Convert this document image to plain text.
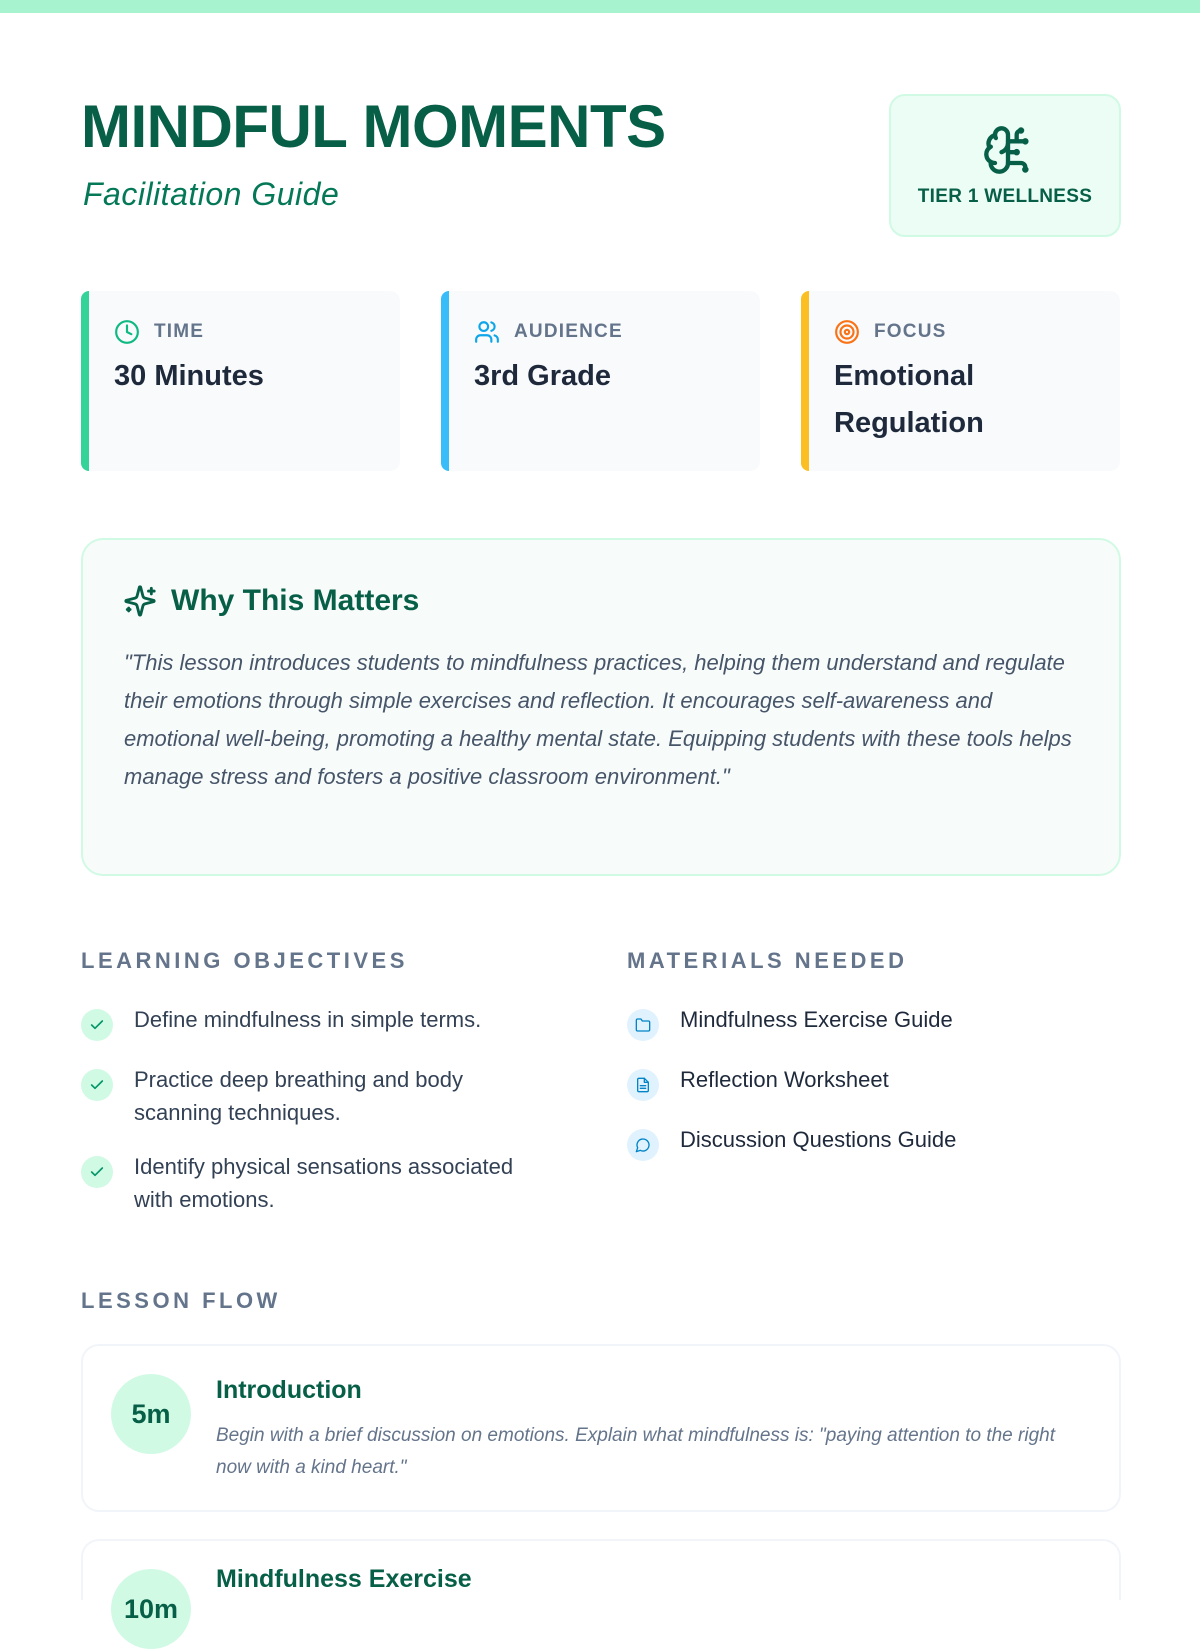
MINDFUL MOMENTS
Facilitation Guide	TIER 1 WELLNESS
TIME
30 Minutes
AUDIENCE
3rd Grade
FOCUS
Emotional Regulation
Why This Matters
"This lesson introduces students to mindfulness practices, helping them understand and regulate their emotions through simple exercises and reflection. It encourages self-awareness and emotional well-being, promoting a healthy mental state. Equipping students with these tools helps manage stress and fosters a positive classroom environment."
LEARNING OBJECTIVES
Define mindfulness in simple terms.
Practice deep breathing and body scanning techniques.
Identify physical sensations associated with emotions.
MATERIALS NEEDED
Mindfulness Exercise Guide
Reflection Worksheet
Discussion Questions Guide
LESSON FLOW
5m
Introduction
Begin with a brief discussion on emotions. Explain what mindfulness is: "paying attention to the right now with a kind heart."
10m
Mindfulness Exercise
